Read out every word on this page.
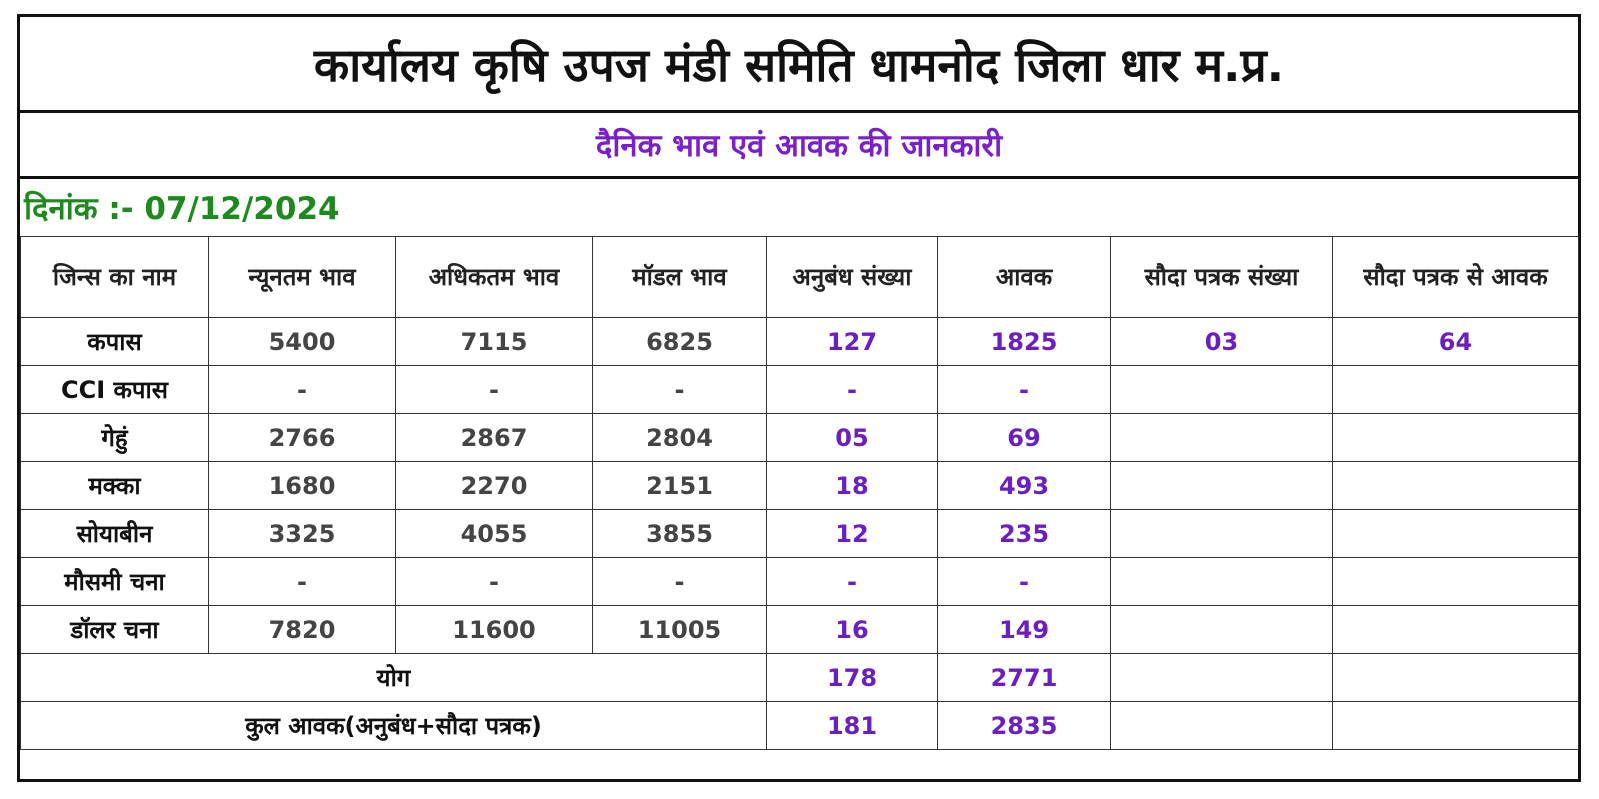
कार्यालय कृषि उपज मंडी समिति धामनोद जिला धार म.प्र.
दैनिक भाव एवं आवक की जानकारी
दिनांक :- 07/12/2024
जिन्स का नाम	न्यूनतम भाव	अधिकतम भाव	मॉडल भाव	अनुबंध संख्या	आवक	सौदा पत्रक संख्या	सौदा पत्रक से आवक
कपास	5400	7115	6825	127	1825	03	64
CCI कपास	-	-	-	-	-		
गेहुं	2766	2867	2804	05	69		
मक्का	1680	2270	2151	18	493		
सोयाबीन	3325	4055	3855	12	235		
मौसमी चना	-	-	-	-	-		
डॉलर चना	7820	11600	11005	16	149		
योग				178	2771		
कुल आवक(अनुबंध+सौदा पत्रक)				181	2835		
